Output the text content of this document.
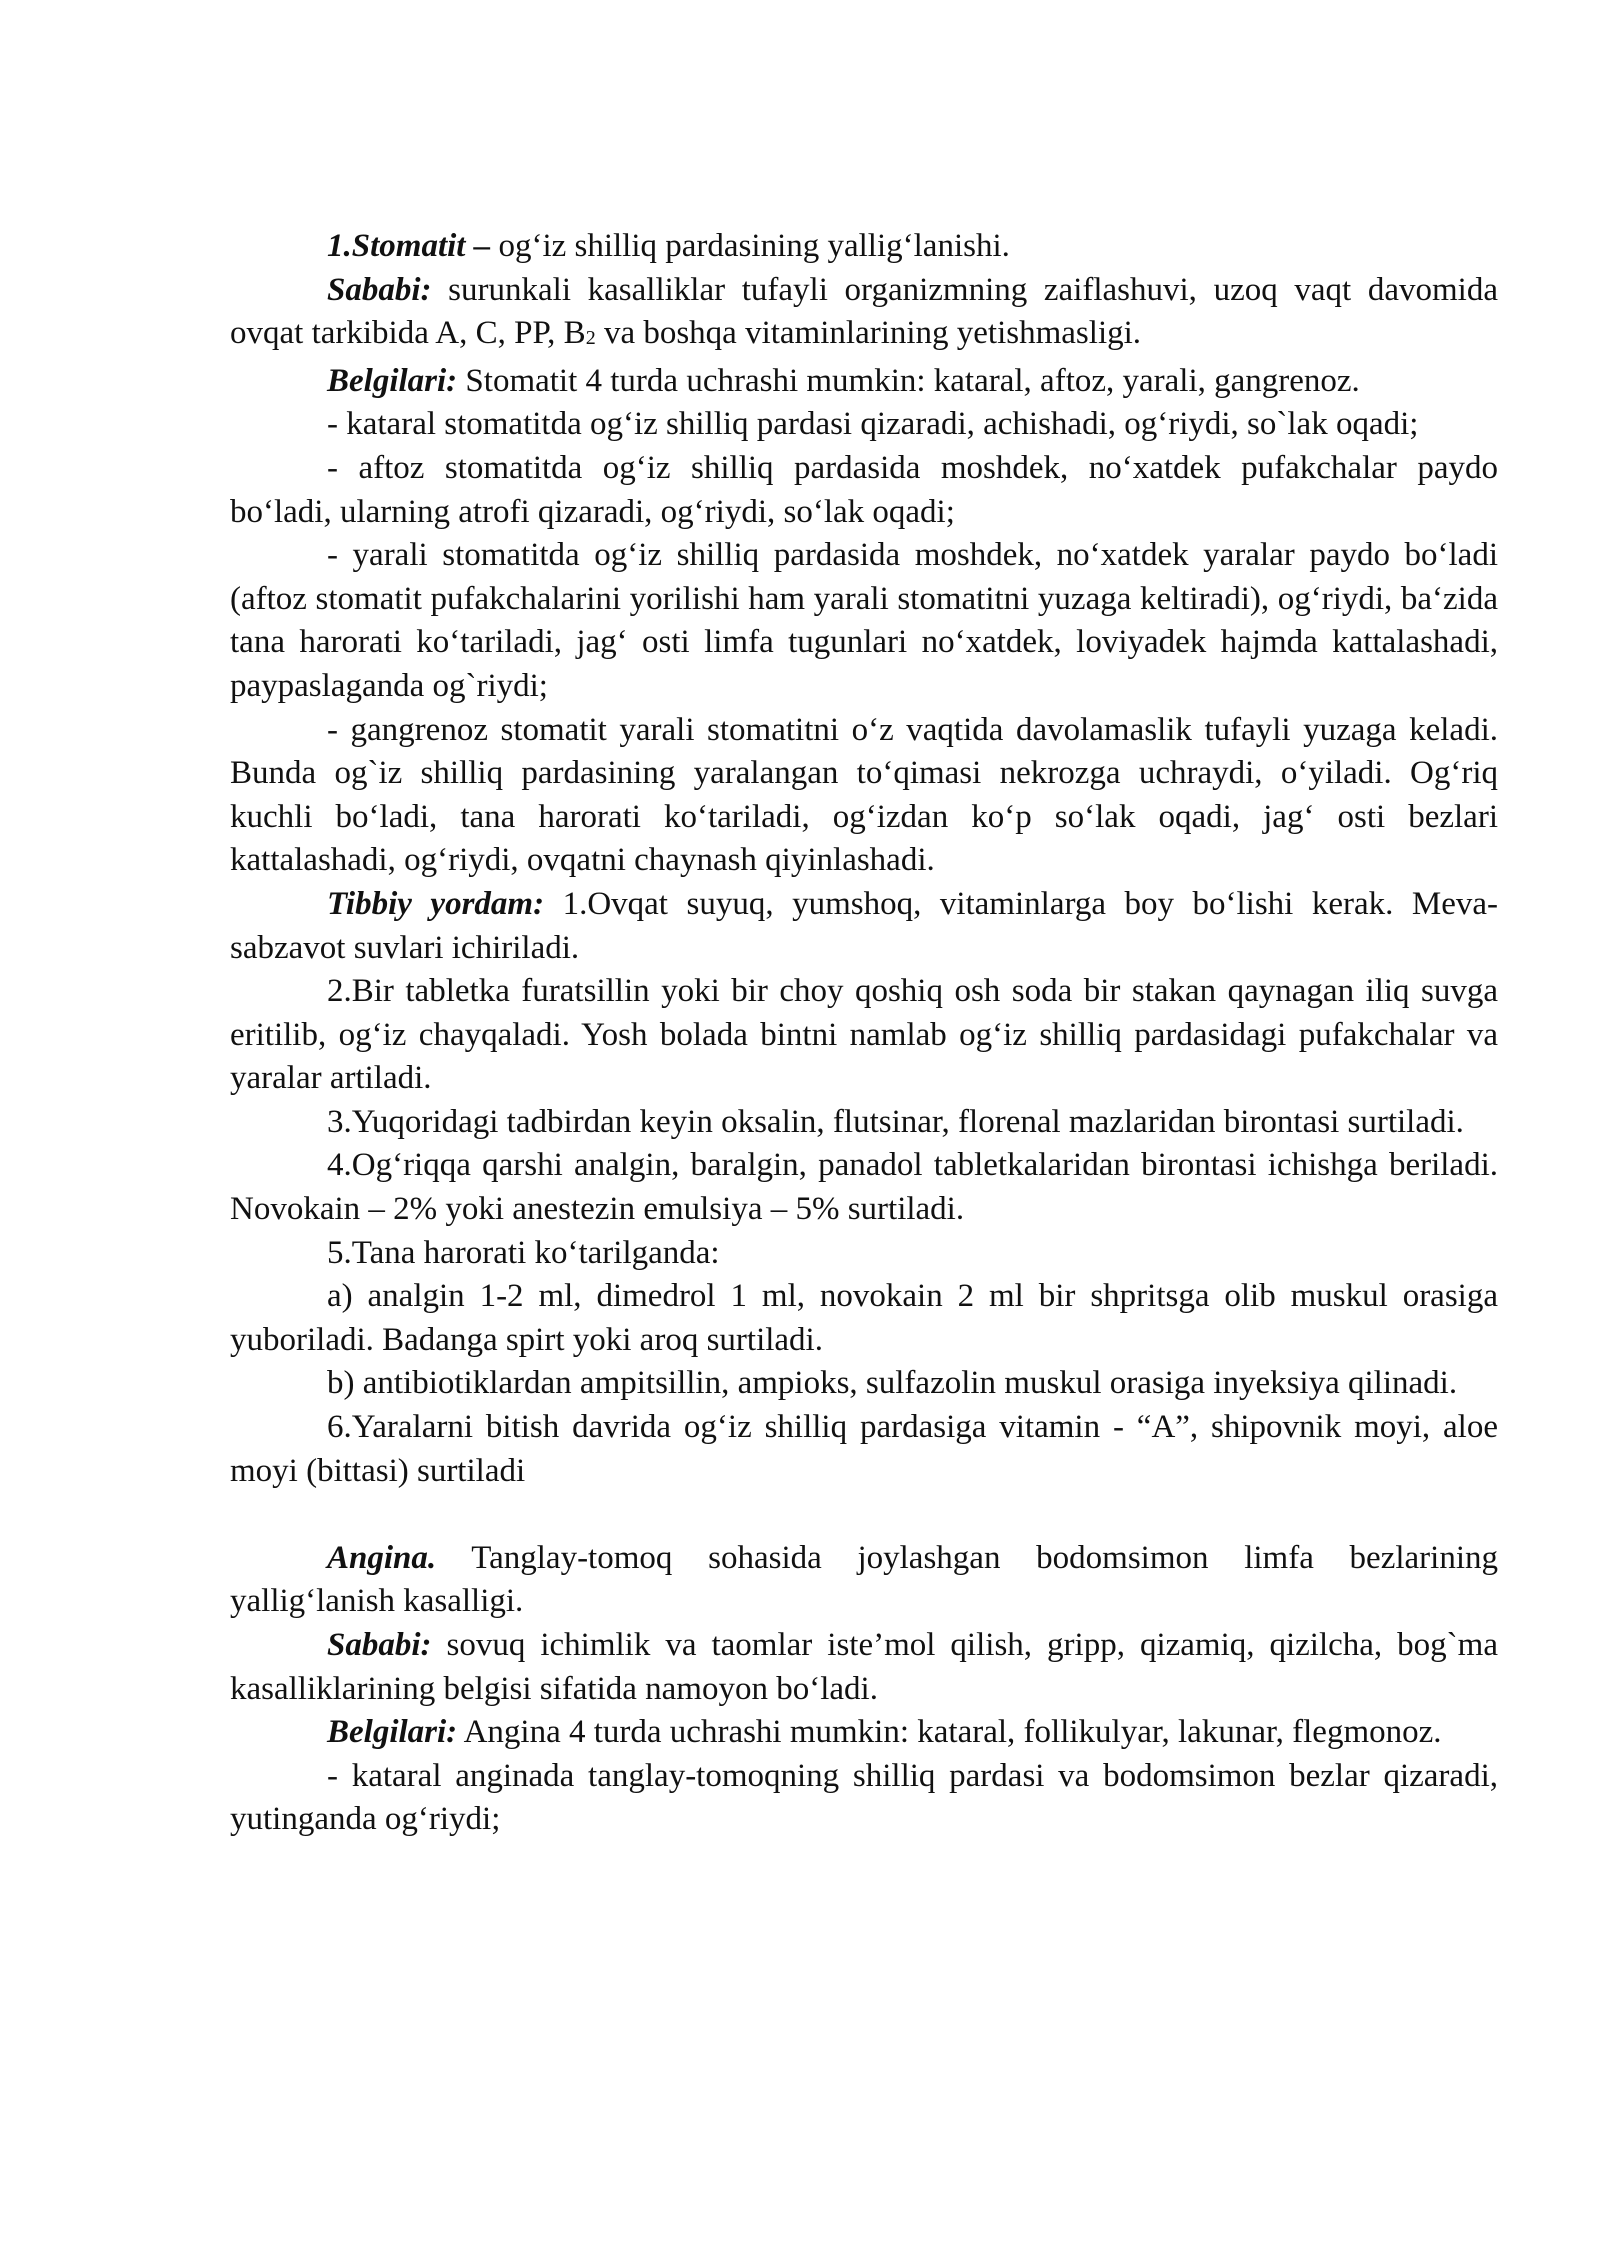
1.Stomatit – og‘iz shilliq pardasining yallig‘lanishi.

Sababi: surunkali kasalliklar tufayli organizmning zaiflashuvi, uzoq vaqt davomida ovqat tarkibida A, C, PP, $B_2$ va boshqa vitaminlarining yetishmasligi.

Belgilari: Stomatit 4 turda uchrashi mumkin: kataral, aftoz, yarali, gangrenoz.

- kataral stomatitda og‘iz shilliq pardasi qizaradi, achishadi, og‘riydi, so`lak oqadi;

- aftoz stomatitda og‘iz shilliq pardasida moshdek, no‘xatdek pufakchalar paydo bo‘ladi, ularning atrofi qizaradi, og‘riydi, so‘lak oqadi;

- yarali stomatitda og‘iz shilliq pardasida moshdek, no‘xatdek yaralar paydo bo‘ladi (aftoz stomatit pufakchalarini yorilishi ham yarali stomatitni yuzaga keltiradi), og‘riydi, ba‘zida tana harorati ko‘tariladi, jag‘ osti limfa tugunlari no‘xatdek, loviyadek hajmda kattalashadi, paypaslaganda og`riydi;

- gangrenoz stomatit yarali stomatitni o‘z vaqtida davolamaslik tufayli yuzaga keladi. Bunda og`iz shilliq pardasining yaralangan to‘qimasi nekrozga uchraydi, o‘yiladi. Og‘riq kuchli bo‘ladi, tana harorati ko‘tariladi, og‘izdan ko‘p so‘lak oqadi, jag‘ osti bezlari kattalashadi, og‘riydi, ovqatni chaynash qiyinlashadi.

Tibbiy yordam: 1.Ovqat suyuq, yumshoq, vitaminlarga boy bo‘lishi kerak. Meva-sabzavot suvlari ichiriladi.

2.Bir tabletka furatsillin yoki bir choy qoshiq osh soda bir stakan qaynagan iliq suvga eritilib, og‘iz chayqaladi. Yosh bolada bintni namlab og‘iz shilliq pardasidagi pufakchalar va yaralar artiladi.

3.Yuqoridagi tadbirdan keyin oksalin, flutsinar, florenal mazlaridan birontasi surtiladi.

4.Og‘riqqa qarshi analgin, baralgin, panadol tabletkalaridan birontasi ichishga beriladi. Novokain – 2% yoki anestezin emulsiya – 5% surtiladi.

5.Tana harorati ko‘tarilganda:

a) analgin 1-2 ml, dimedrol 1 ml, novokain 2 ml bir shpritsga olib muskul orasiga yuboriladi. Badanga spirt yoki aroq surtiladi.

b) antibiotiklardan ampitsillin, ampioks, sulfazolin muskul orasiga inyeksiya qilinadi.

6.Yaralarni bitish davrida og‘iz shilliq pardasiga vitamin - “A”, shipovnik moyi, aloe moyi (bittasi) surtiladi

Angina. Tanglay-tomoq sohasida joylashgan bodomsimon limfa bezlarining yallig‘lanish kasalligi.

Sababi: sovuq ichimlik va taomlar iste’mol qilish, gripp, qizamiq, qizilcha, bog`ma kasalliklarining belgisi sifatida namoyon bo‘ladi.

Belgilari: Angina 4 turda uchrashi mumkin: kataral, follikulyar, lakunar, flegmonoz.

- kataral anginada tanglay-tomoqning shilliq pardasi va bodomsimon bezlar qizaradi, yutinganda og‘riydi;
